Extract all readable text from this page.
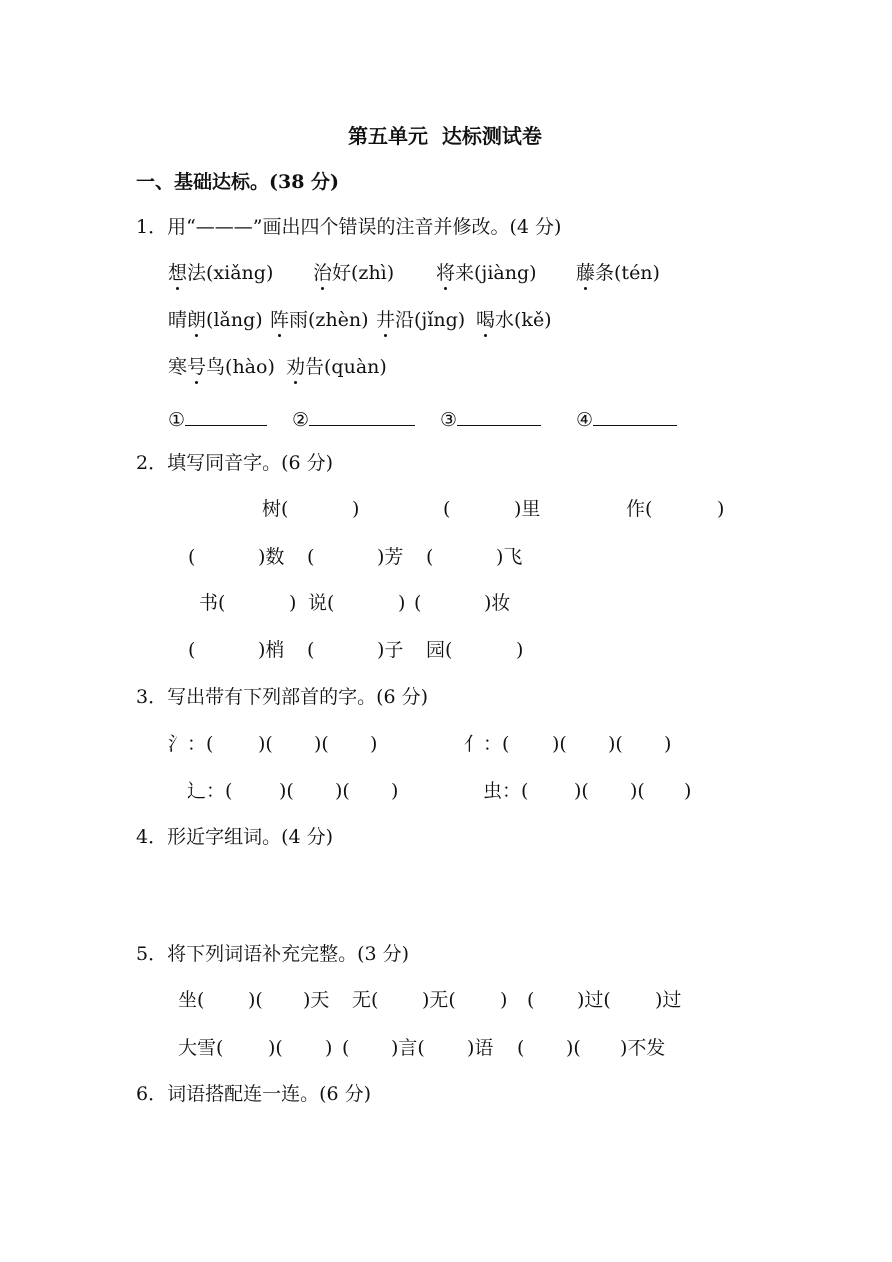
第五单元  达标测试卷
一、基础达标。(38 分)
1．用“———”画出四个错误的注音并修改。(4 分)
想法(xiǎng) 治好(zhì) 将来(jiàng) 藤条(tén)
晴朗(lǎng) 阵雨(zhèn) 井沿(jǐng) 喝水(kě)
寒号鸟(hào) 劝告(quàn)
①	②	③	④
2．填写同音字。(6 分)
树(	)	(	)里	作(	)
(	)数 (	)芳 (	)飞
书(	) 说(	) (	)妆
(	)梢 (	)子 园(	)
3．写出带有下列部首的字。(6 分)
氵：( )( )( )	亻：( )( )( )
辶：( )( )( )	虫：( )( )( )
4．形近字组词。(4 分)
5．将下列词语补充完整。(3 分)
坐( )( )天 无( )无( ) ( )过( )过
大雪( )( ) ( )言( )语 ( )( )不发
6．词语搭配连一连。(6 分)
